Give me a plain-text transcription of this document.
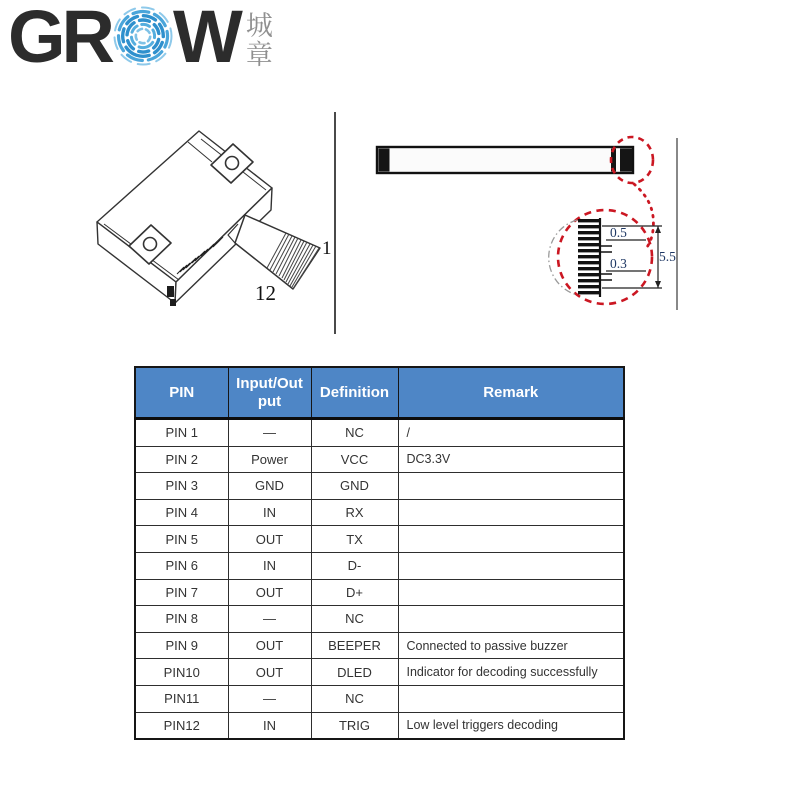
GR W 城
章
1
12
0.5
0.3 5.5
PIN	Input/Out put	Definition	Remark
PIN 1	—	NC	/
PIN 2	Power	VCC	DC3.3V
PIN 3	GND	GND	
PIN 4	IN	RX	
PIN 5	OUT	TX	
PIN 6	IN	D-	
PIN 7	OUT	D+	
PIN 8	—	NC	
PIN 9	OUT	BEEPER	Connected to passive buzzer
PIN10	OUT	DLED	Indicator for decoding successfully
PIN11	—	NC	
PIN12	IN	TRIG	Low level triggers decoding
